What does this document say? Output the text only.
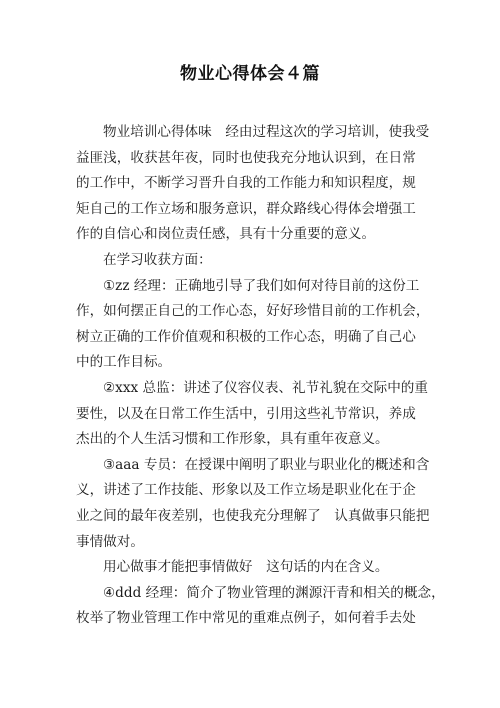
物业心得体会４篇
物业培训心得体味　经由过程这次的学习培训，使我受
益匪浅，收获甚年夜，同时也使我充分地认识到，在日常
的工作中，不断学习晋升自我的工作能力和知识程度，规
矩自己的工作立场和服务意识，群众路线心得体会增强工
作的自信心和岗位责任感，具有十分重要的意义。
在学习收获方面：
①zz 经理：正确地引导了我们如何对待目前的这份工
作，如何摆正自己的工作心态，好好珍惜目前的工作机会，
树立正确的工作价值观和积极的工作心态，明确了自己心
中的工作目标。
②xxx 总监：讲述了仪容仪表、礼节礼貌在交际中的重
要性，以及在日常工作生活中，引用这些礼节常识，养成
杰出的个人生活习惯和工作形象，具有重年夜意义。
③aaa 专员：在授课中阐明了职业与职业化的概述和含
义，讲述了工作技能、形象以及工作立场是职业化在于企
业之间的最年夜差别，也使我充分理解了　认真做事只能把
事情做对。
用心做事才能把事情做好　这句话的内在含义。
④ddd 经理：简介了物业管理的渊源汗青和相关的概念，
枚举了物业管理工作中常见的重难点例子，如何着手去处
